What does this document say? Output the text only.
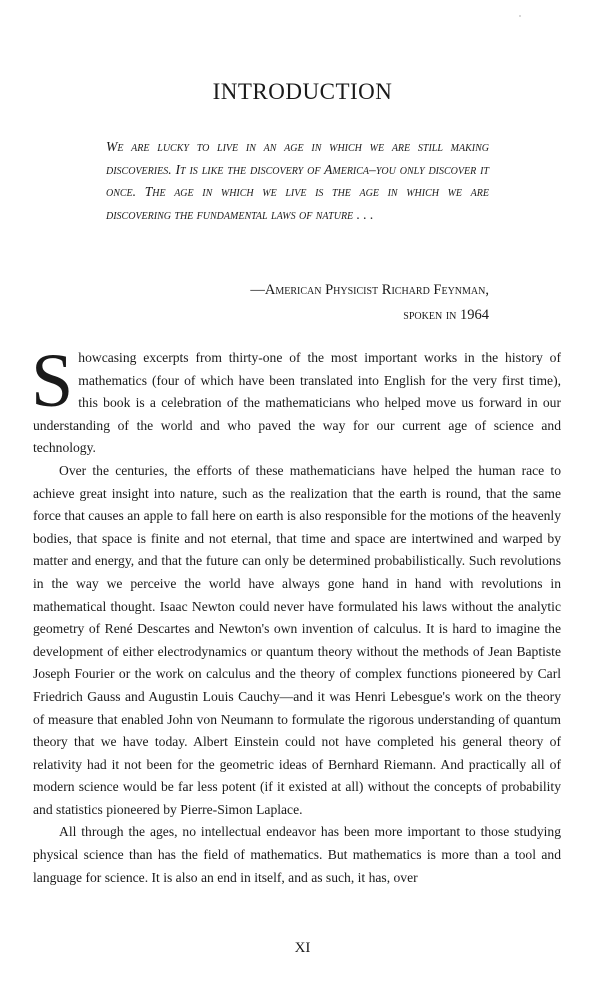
INTRODUCTION
We are lucky to live in an age in which we are still making discoveries. It is like the discovery of America–you only discover it once. The age in which we live is the age in which we are discovering the fundamental laws of nature . . .
—American Physicist Richard Feynman,
spoken in 1964

Showcasing excerpts from thirty-one of the most important works in the history of mathematics (four of which have been translated into English for the very first time), this book is a celebration of the mathematicians who helped move us forward in our understanding of the world and who paved the way for our current age of science and technology.

Over the centuries, the efforts of these mathematicians have helped the human race to achieve great insight into nature, such as the realization that the earth is round, that the same force that causes an apple to fall here on earth is also responsible for the motions of the heavenly bodies, that space is finite and not eternal, that time and space are intertwined and warped by matter and energy, and that the future can only be determined probabilistically. Such revolutions in the way we perceive the world have always gone hand in hand with revolutions in mathematical thought. Isaac Newton could never have formulated his laws without the analytic geometry of René Descartes and Newton's own invention of calculus. It is hard to imagine the development of either electrodynamics or quantum theory without the methods of Jean Baptiste Joseph Fourier or the work on calculus and the theory of complex functions pioneered by Carl Friedrich Gauss and Augustin Louis Cauchy—and it was Henri Lebesgue's work on the theory of measure that enabled John von Neumann to formulate the rigorous understanding of quantum theory that we have today. Albert Einstein could not have completed his general theory of relativity had it not been for the geometric ideas of Bernhard Riemann. And practically all of modern science would be far less potent (if it existed at all) without the concepts of probability and statistics pioneered by Pierre-Simon Laplace.

All through the ages, no intellectual endeavor has been more important to those studying physical science than has the field of mathematics. But mathematics is more than a tool and language for science. It is also an end in itself, and as such, it has, over

XI
